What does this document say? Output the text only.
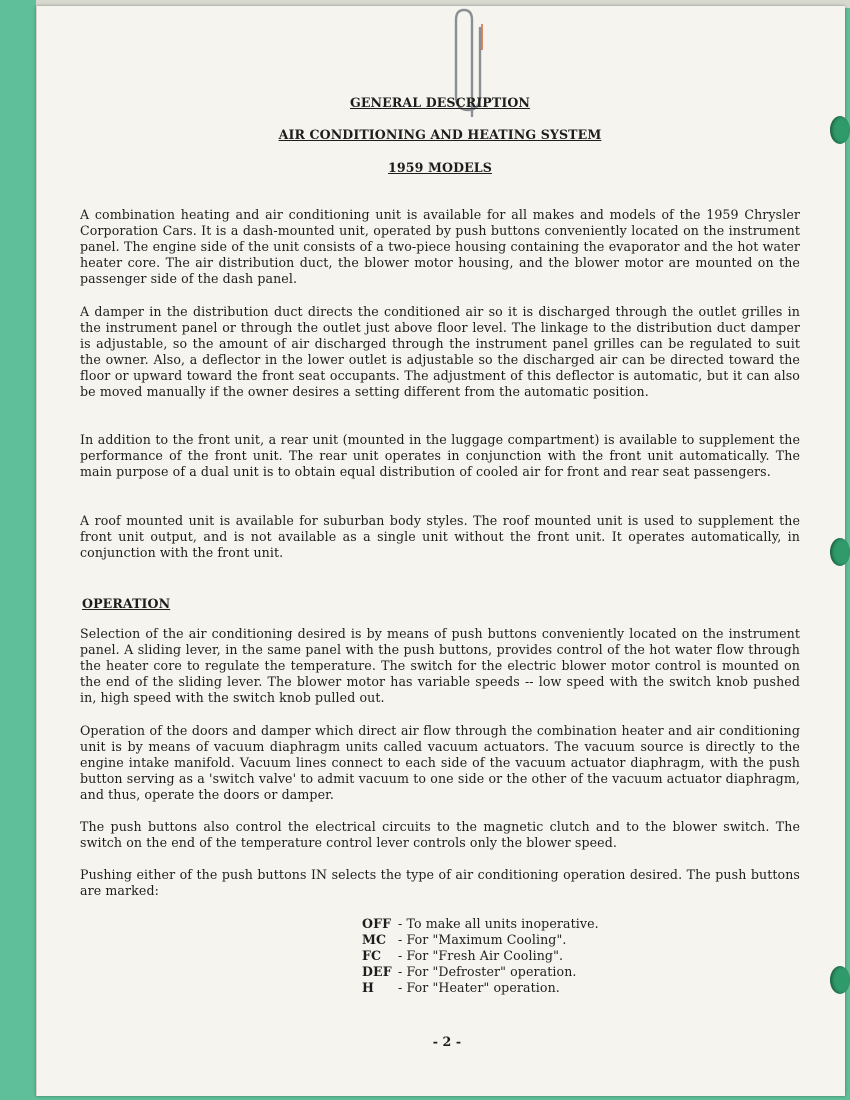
GENERAL DESCRIPTION
AIR CONDITIONING AND HEATING SYSTEM
1959 MODELS

A combination heating and air conditioning unit is available for all makes and models of the 1959 Chrysler Corporation Cars. It is a dash-mounted unit, operated by push buttons conveniently located on the instrument panel. The engine side of the unit consists of a two-piece housing containing the evaporator and the hot water heater core. The air distribution duct, the blower motor housing, and the blower motor are mounted on the passenger side of the dash panel.

A damper in the distribution duct directs the conditioned air so it is discharged through the outlet grilles in the instrument panel or through the outlet just above floor level. The linkage to the distribution duct damper is adjustable, so the amount of air discharged through the instrument panel grilles can be regulated to suit the owner. Also, a deflector in the lower outlet is adjustable so the discharged air can be directed toward the floor or upward toward the front seat occupants. The adjustment of this deflector is automatic, but it can also be moved manually if the owner desires a setting different from the automatic position.

In addition to the front unit, a rear unit (mounted in the luggage compartment) is available to supplement the performance of the front unit. The rear unit operates in conjunction with the front unit automatically. The main purpose of a dual unit is to obtain equal distribution of cooled air for front and rear seat passengers.

A roof mounted unit is available for suburban body styles. The roof mounted unit is used to supplement the front unit output, and is not available as a single unit without the front unit. It operates automatically, in conjunction with the front unit.

OPERATION

Selection of the air conditioning desired is by means of push buttons conveniently located on the instrument panel. A sliding lever, in the same panel with the push buttons, provides control of the hot water flow through the heater core to regulate the temperature. The switch for the electric blower motor control is mounted on the end of the sliding lever. The blower motor has variable speeds -- low speed with the switch knob pushed in, high speed with the switch knob pulled out.

Operation of the doors and damper which direct air flow through the combination heater and air conditioning unit is by means of vacuum diaphragm units called vacuum actuators. The vacuum source is directly to the engine intake manifold. Vacuum lines connect to each side of the vacuum actuator diaphragm, with the push button serving as a 'switch valve' to admit vacuum to one side or the other of the vacuum actuator diaphragm, and thus, operate the doors or damper.

The push buttons also control the electrical circuits to the magnetic clutch and to the blower switch. The switch on the end of the temperature control lever controls only the blower speed.

Pushing either of the push buttons IN selects the type of air conditioning operation desired. The push buttons are marked:

OFF - To make all units inoperative.
MC - For "Maximum Cooling".
FC - For "Fresh Air Cooling".
DEF - For "Defroster" operation.
H - For "Heater" operation.
- 2 -
